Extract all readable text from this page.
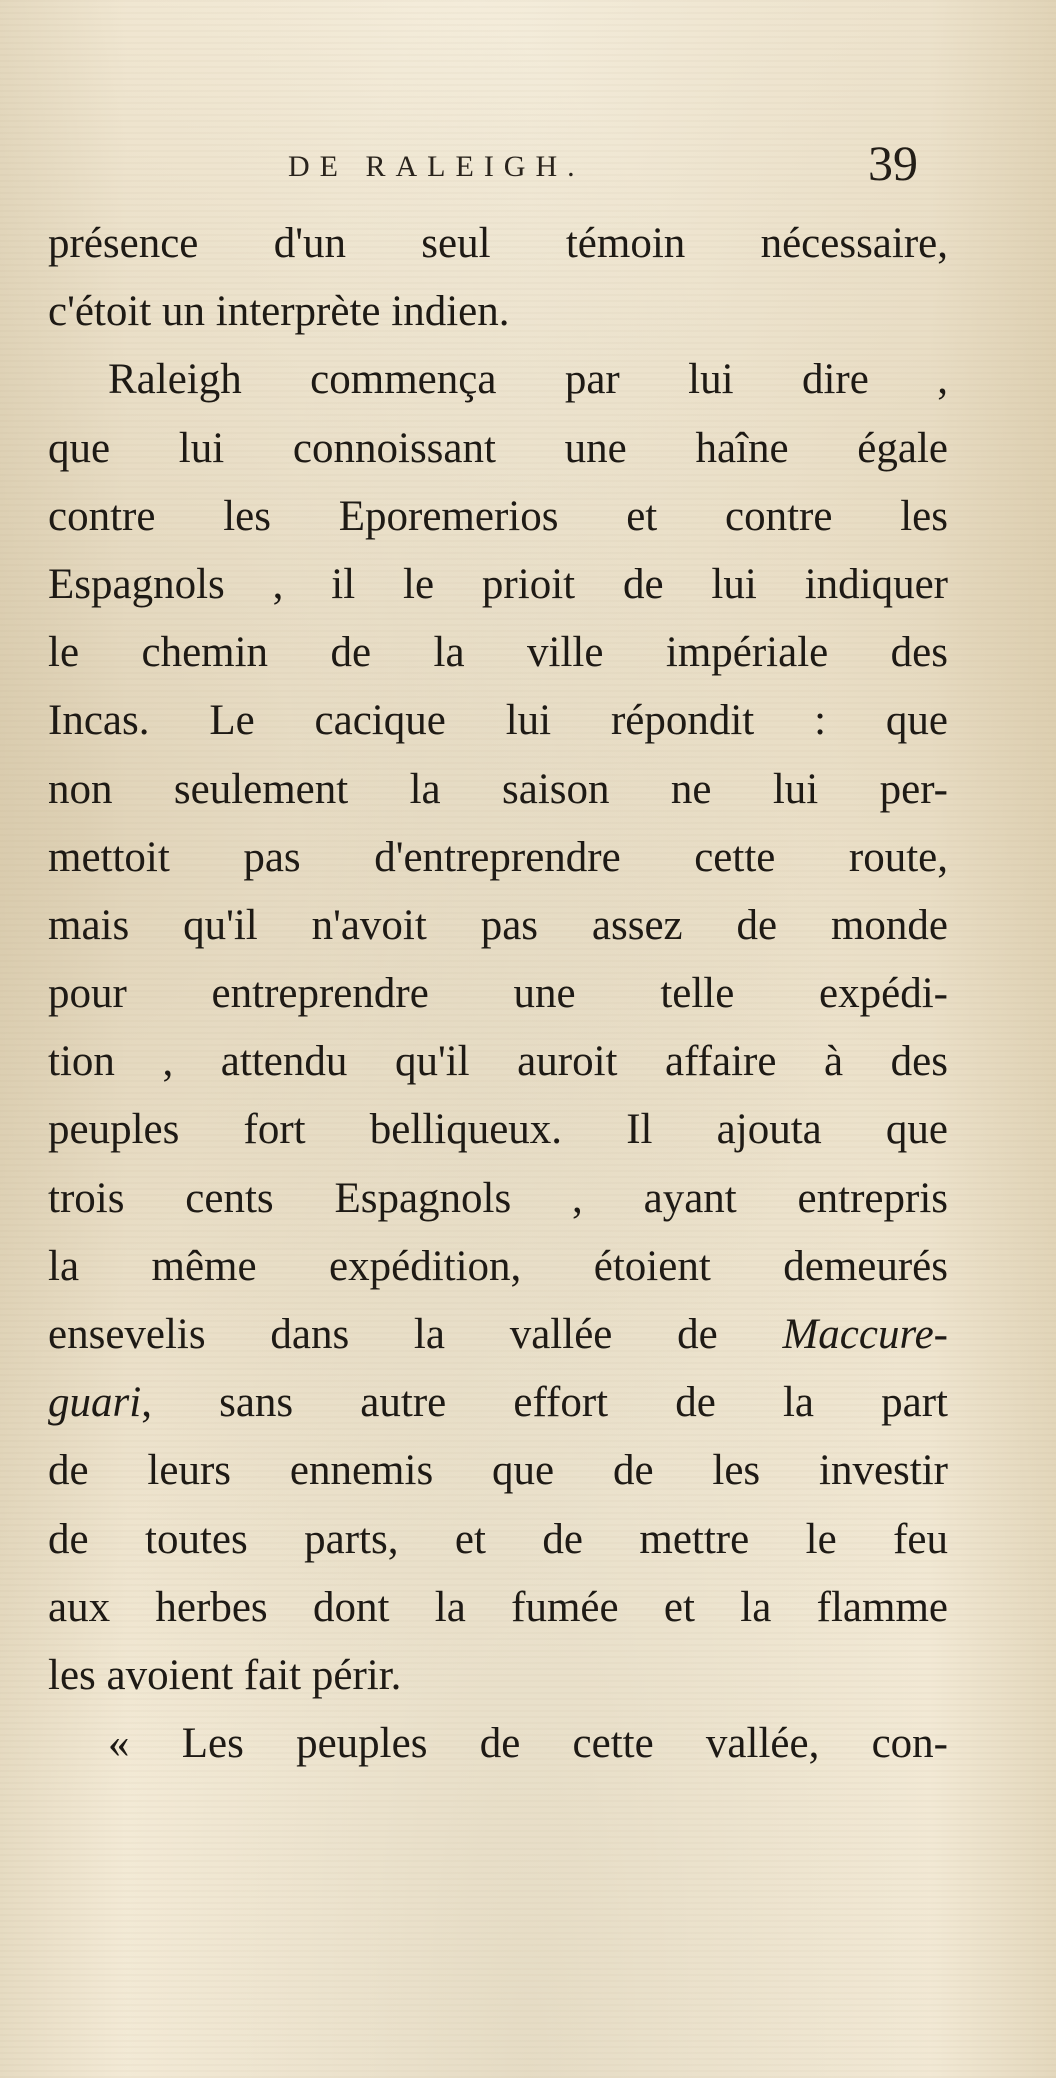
DE RALEIGH.	39
présence d'un seul témoin nécessaire,
c'étoit un interprète indien.
Raleigh commença par lui dire ,
que lui connoissant une haîne égale
contre les Eporemerios et contre les
Espagnols , il le prioit de lui indiquer
le chemin de la ville impériale des
Incas. Le cacique lui répondit : que
non seulement la saison ne lui per-
mettoit pas d'entreprendre cette route,
mais qu'il n'avoit pas assez de monde
pour entreprendre une telle expédi-
tion , attendu qu'il auroit affaire à des
peuples fort belliqueux. Il ajouta que
trois cents Espagnols , ayant entrepris
la même expédition, étoient demeurés
ensevelis dans la vallée de Maccure-
guari, sans autre effort de la part
de leurs ennemis que de les investir
de toutes parts, et de mettre le feu
aux herbes dont la fumée et la flamme
les avoient fait périr.
« Les peuples de cette vallée, con-
